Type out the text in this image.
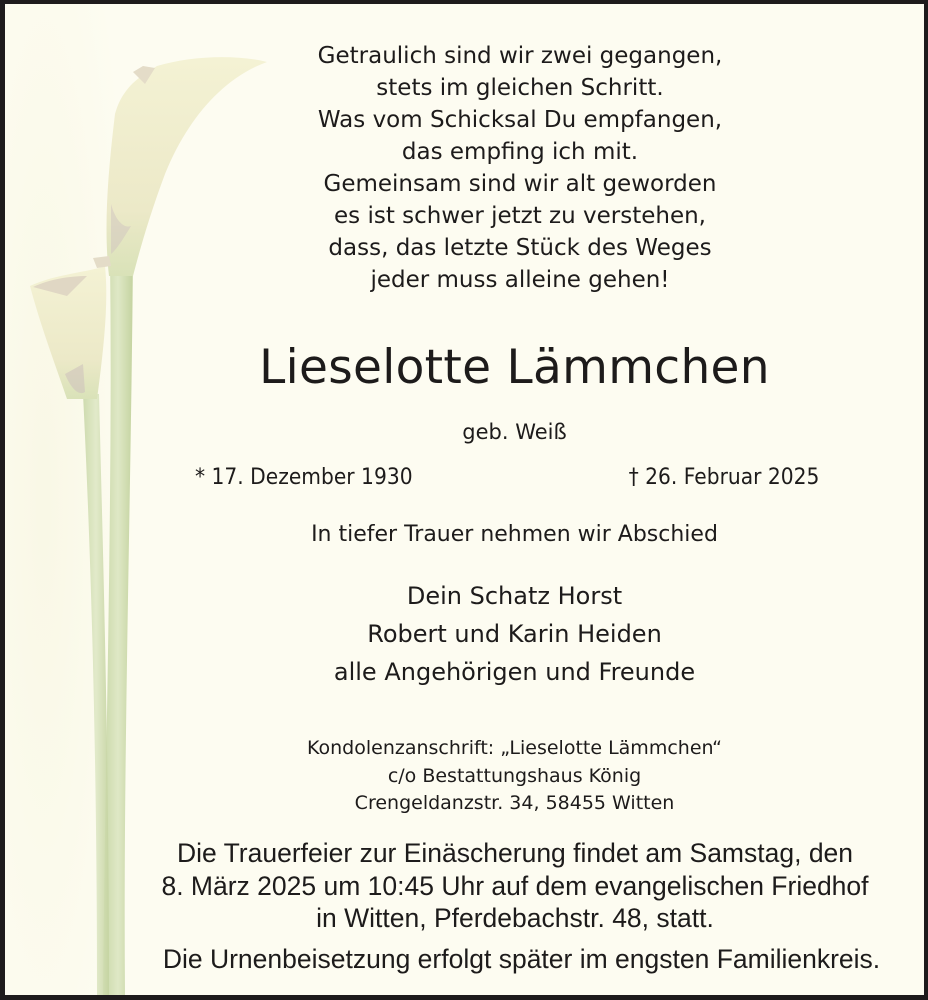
Getraulich sind wir zwei gegangen,
stets im gleichen Schritt.
Was vom Schicksal Du empfangen,
das empfing ich mit.
Gemeinsam sind wir alt geworden
es ist schwer jetzt zu verstehen,
dass, das letzte Stück des Weges
jeder muss alleine gehen!
Lieselotte Lämmchen
geb. Weiß
* 17. Dezember 1930	† 26. Februar 2025
In tiefer Trauer nehmen wir Abschied
Dein Schatz Horst
Robert und Karin Heiden
alle Angehörigen und Freunde
Kondolenzanschrift: „Lieselotte Lämmchen“
c/o Bestattungshaus König
Crengeldanzstr. 34, 58455 Witten
Die Trauerfeier zur Einäscherung findet am Samstag, den
8. März 2025 um 10:45 Uhr auf dem evangelischen Friedhof
in Witten, Pferdebachstr. 48, statt.
Die Urnenbeisetzung erfolgt später im engsten Familienkreis.
